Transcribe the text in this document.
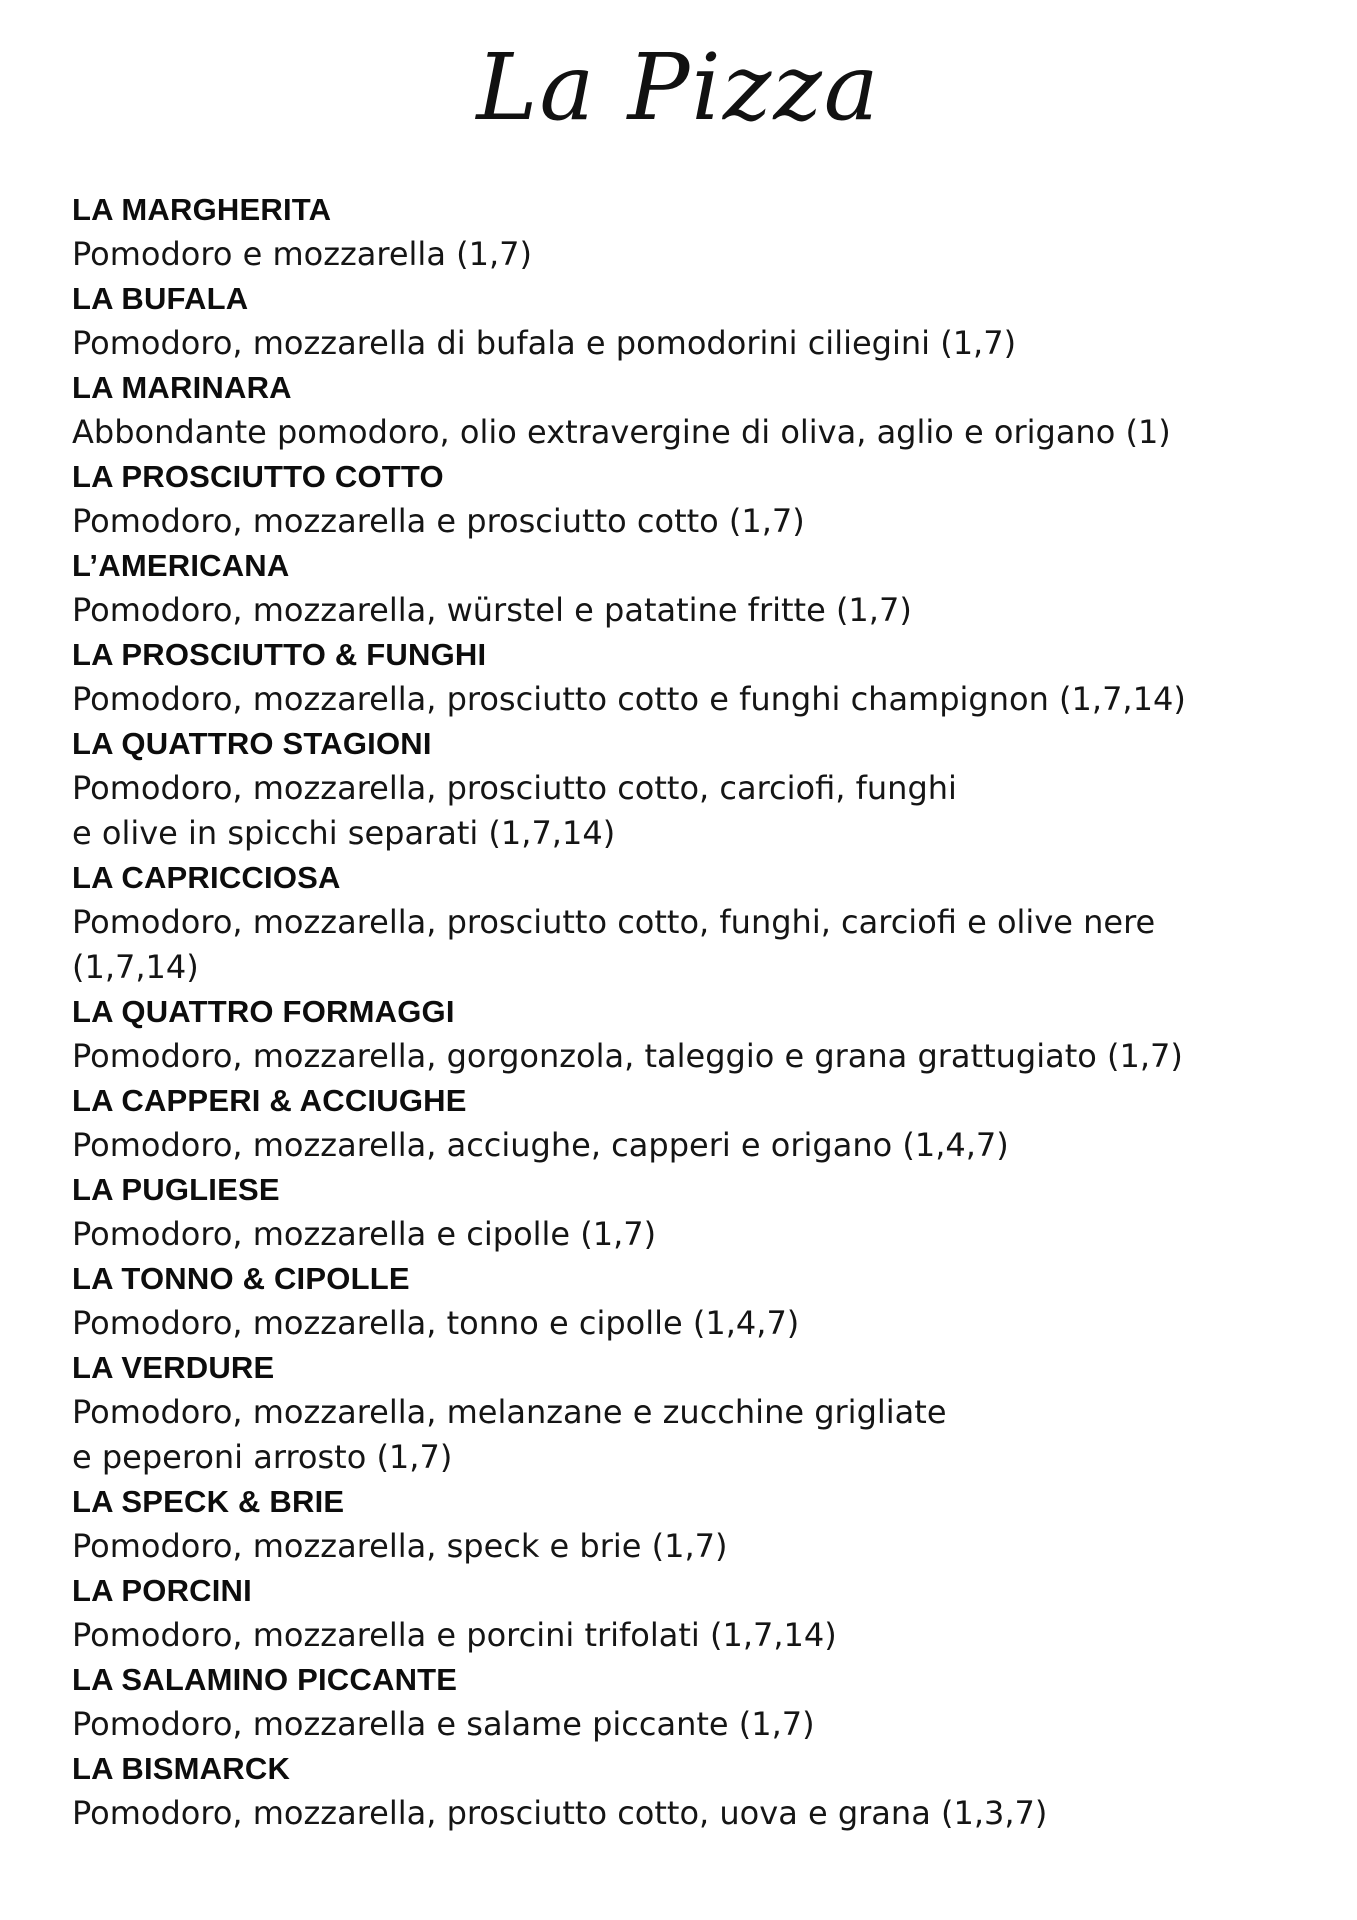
La Pizza
LA MARGHERITA
Pomodoro e mozzarella (1,7)
LA BUFALA
Pomodoro, mozzarella di bufala e pomodorini ciliegini (1,7)
LA MARINARA
Abbondante pomodoro, olio extravergine di oliva, aglio e origano (1)
LA PROSCIUTTO COTTO
Pomodoro, mozzarella e prosciutto cotto (1,7)
L’AMERICANA
Pomodoro, mozzarella, würstel e patatine fritte (1,7)
LA PROSCIUTTO & FUNGHI
Pomodoro, mozzarella, prosciutto cotto e funghi champignon (1,7,14)
LA QUATTRO STAGIONI
Pomodoro, mozzarella, prosciutto cotto, carciofi, funghi
e olive in spicchi separati (1,7,14)
LA CAPRICCIOSA
Pomodoro, mozzarella, prosciutto cotto, funghi, carciofi e olive nere
(1,7,14)
LA QUATTRO FORMAGGI
Pomodoro, mozzarella, gorgonzola, taleggio e grana grattugiato (1,7)
LA CAPPERI & ACCIUGHE
Pomodoro, mozzarella, acciughe, capperi e origano (1,4,7)
LA PUGLIESE
Pomodoro, mozzarella e cipolle (1,7)
LA TONNO & CIPOLLE
Pomodoro, mozzarella, tonno e cipolle (1,4,7)
LA VERDURE
Pomodoro, mozzarella, melanzane e zucchine grigliate
e peperoni arrosto (1,7)
LA SPECK & BRIE
Pomodoro, mozzarella, speck e brie (1,7)
LA PORCINI
Pomodoro, mozzarella e porcini trifolati (1,7,14)
LA SALAMINO PICCANTE
Pomodoro, mozzarella e salame piccante (1,7)
LA BISMARCK
Pomodoro, mozzarella, prosciutto cotto, uova e grana (1,3,7)
